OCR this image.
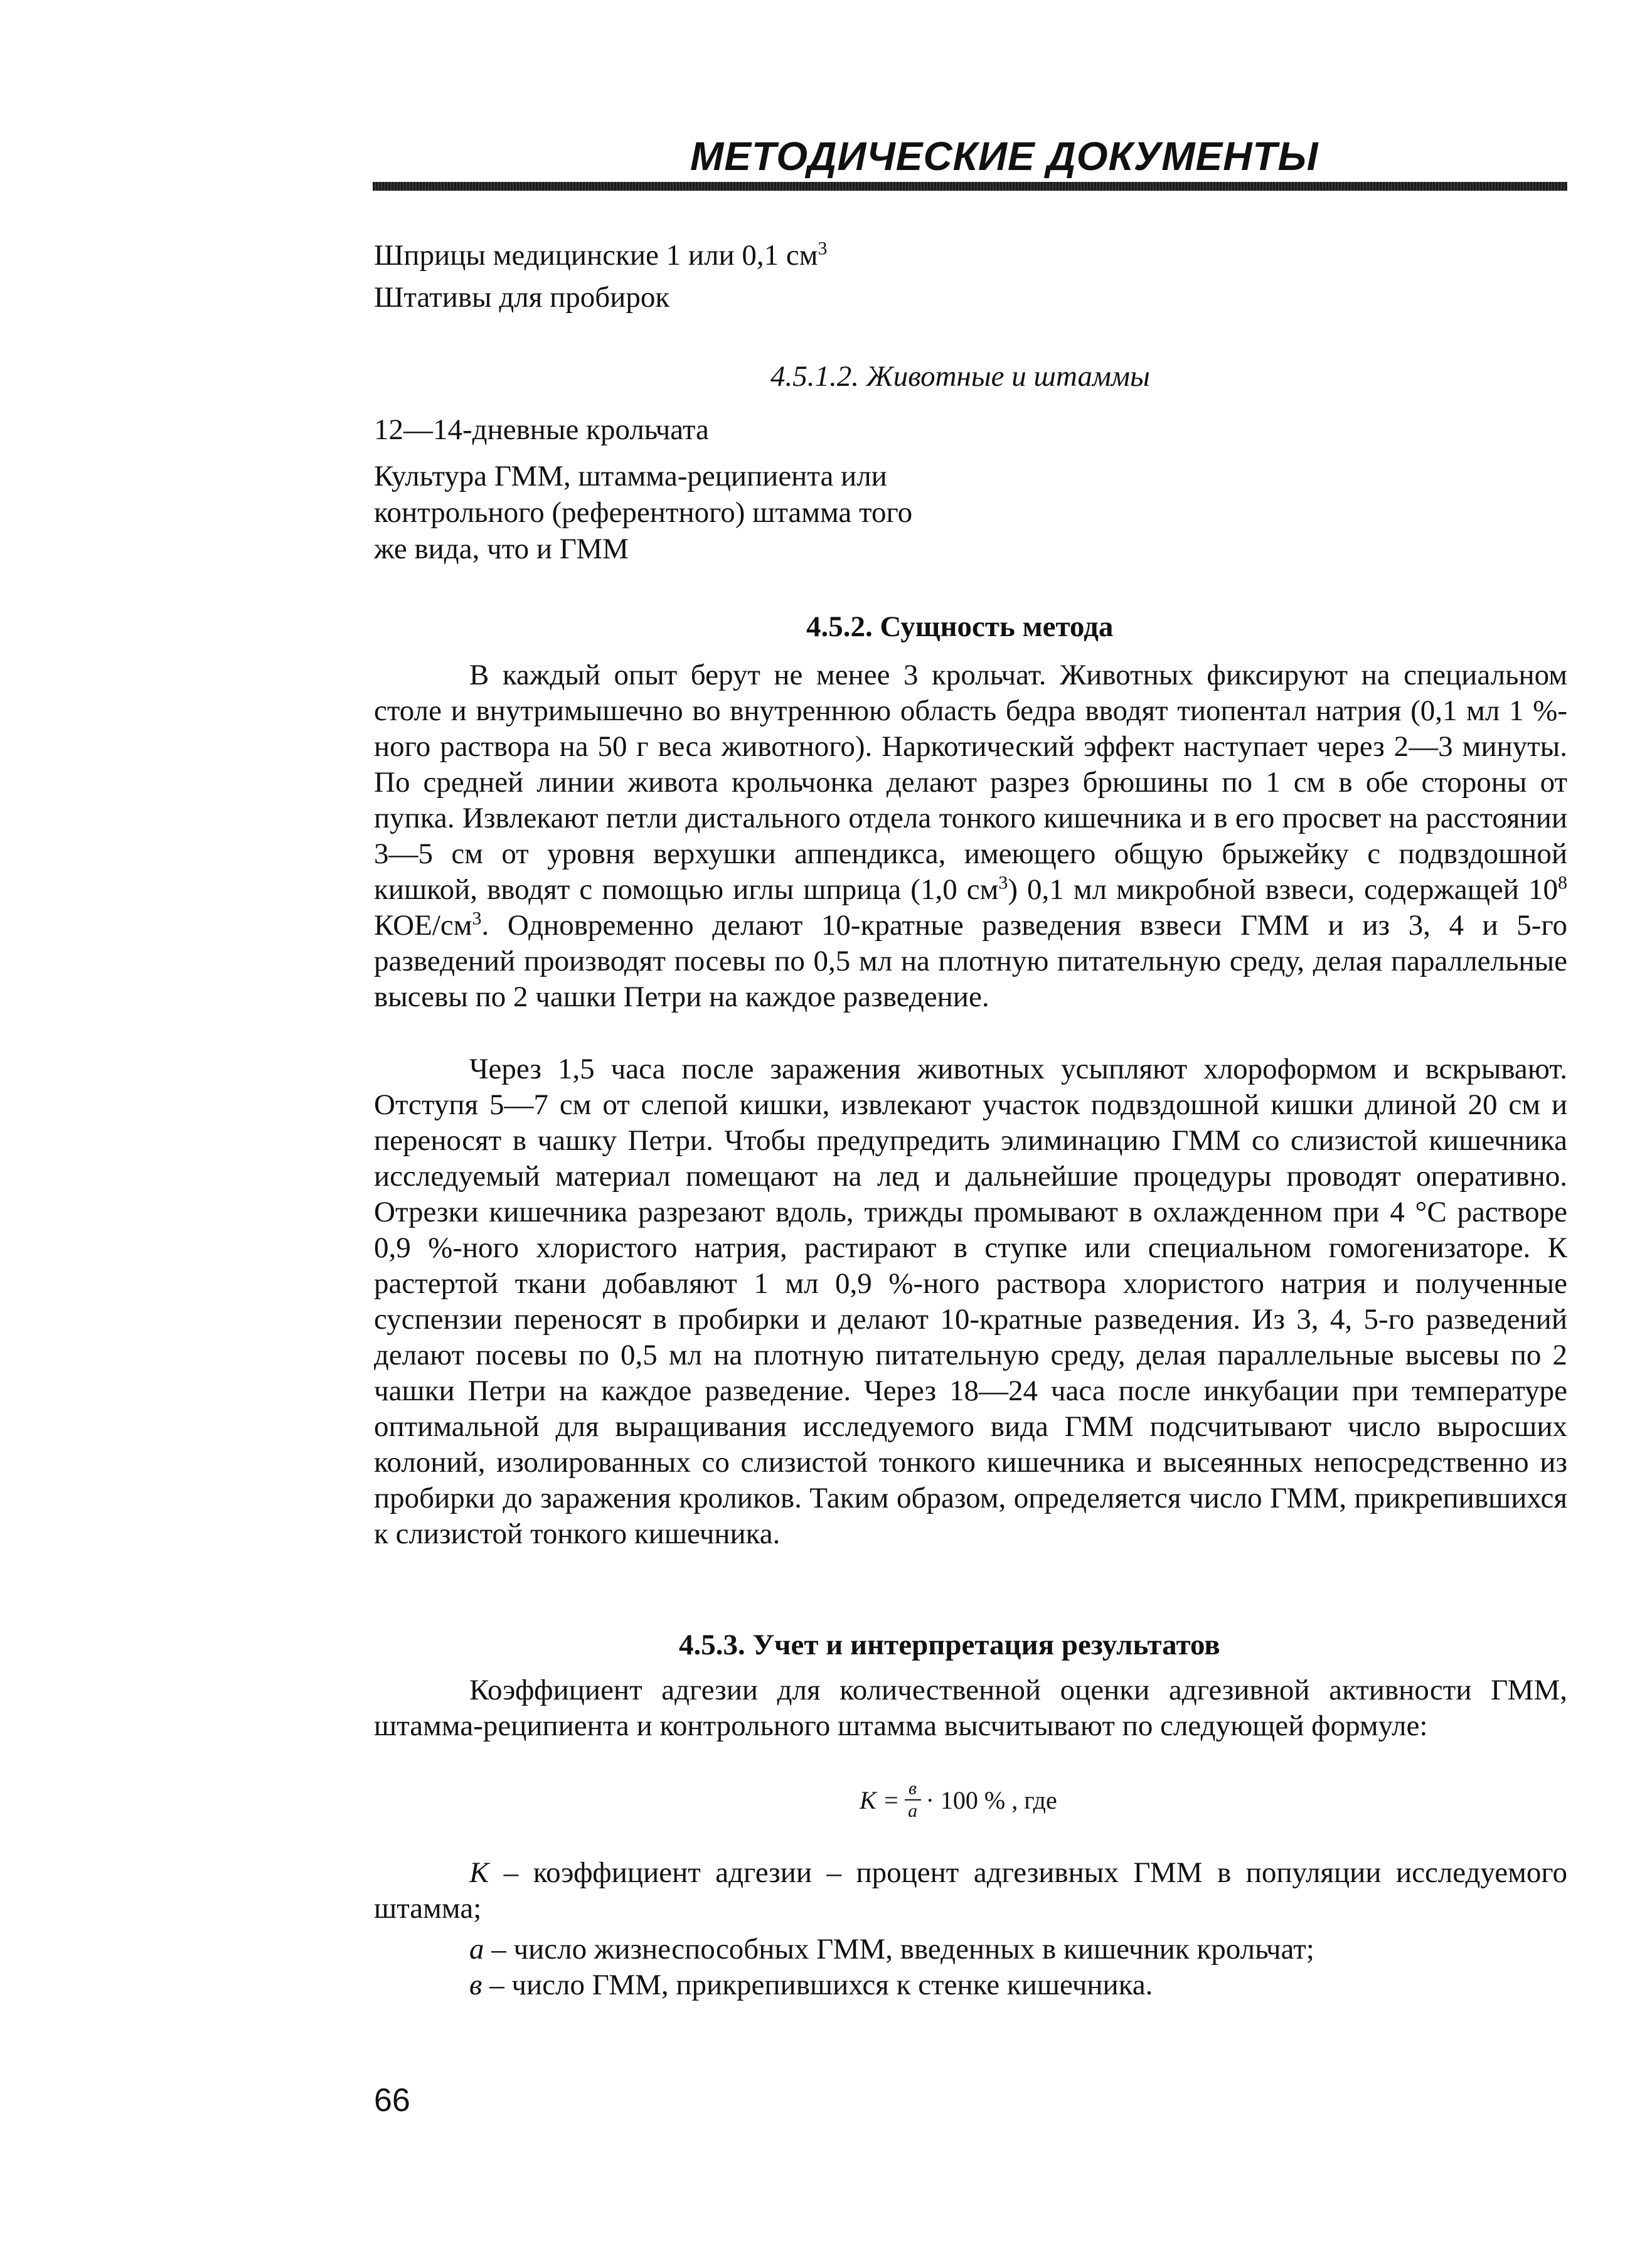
МЕТОДИЧЕСКИЕ ДОКУМЕНТЫ
Шприцы медицинские 1 или 0,1 $см^3$
Штативы для пробирок
4.5.1.2. Животные и штаммы
12—14-дневные крольчата
Культура ГММ, штамма-реципиента или
контрольного (референтного) штамма того
же вида, что и ГММ
4.5.2. Сущность метода

В каждый опыт берут не менее 3 крольчат. Животных фиксируют на специальном столе и внутримышечно во внутреннюю область бедра вводят тиопентал натрия (0,1 мл 1 %-ного раствора на 50 г веса животного). Наркотический эффект наступает через 2—3 минуты. По средней линии живота крольчонка делают разрез брюшины по 1 см в обе стороны от пупка. Извлекают петли дистального отдела тонкого кишечника и в его просвет на расстоянии 3—5 см от уровня верхушки аппендикса, имеющего общую брыжейку с подвздошной кишкой, вводят с помощью иглы шприца (1,0 $см^3$) 0,1 мл микробной взвеси, содержащей $10^8$ КОЕ/$см^3$. Одновременно делают 10-кратные разведения взвеси ГММ и из 3, 4 и 5-го разведений производят посевы по 0,5 мл на плотную питательную среду, делая параллельные высевы по 2 чашки Петри на каждое разведение.

Через 1,5 часа после заражения животных усыпляют хлороформом и вскрывают. Отступя 5—7 см от слепой кишки, извлекают участок подвздошной кишки длиной 20 см и переносят в чашку Петри. Чтобы предупредить элиминацию ГММ со слизистой кишечника исследуемый материал помещают на лед и дальнейшие процедуры проводят оперативно. Отрезки кишечника разрезают вдоль, трижды промывают в охлажденном при 4 °С растворе 0,9 %-ного хлористого натрия, растирают в ступке или специальном гомогенизаторе. К растертой ткани добавляют 1 мл 0,9 %-ного раствора хлористого натрия и полученные суспензии переносят в пробирки и делают 10-кратные разведения. Из 3, 4, 5-го разведений делают посевы по 0,5 мл на плотную питательную среду, делая параллельные высевы по 2 чашки Петри на каждое разведение. Через 18—24 часа после инкубации при температуре оптимальной для выращивания исследуемого вида ГММ подсчитывают число выросших колоний, изолированных со слизистой тонкого кишечника и высеянных непосредственно из пробирки до заражения кроликов. Таким образом, определяется число ГММ, прикрепившихся к слизистой тонкого кишечника.

4.5.3. Учет и интерпретация результатов

Коэффициент адгезии для количественной оценки адгезивной активности ГММ, штамма-реципиента и контрольного штамма высчитывают по следующей формуле:

$К = \frac{в}{а} \cdot 100$ % , где

К – коэффициент адгезии – процент адгезивных ГММ в популяции исследуемого штамма;

а – число жизнеспособных ГММ, введенных в кишечник крольчат;
в – число ГММ, прикрепившихся к стенке кишечника.
66
